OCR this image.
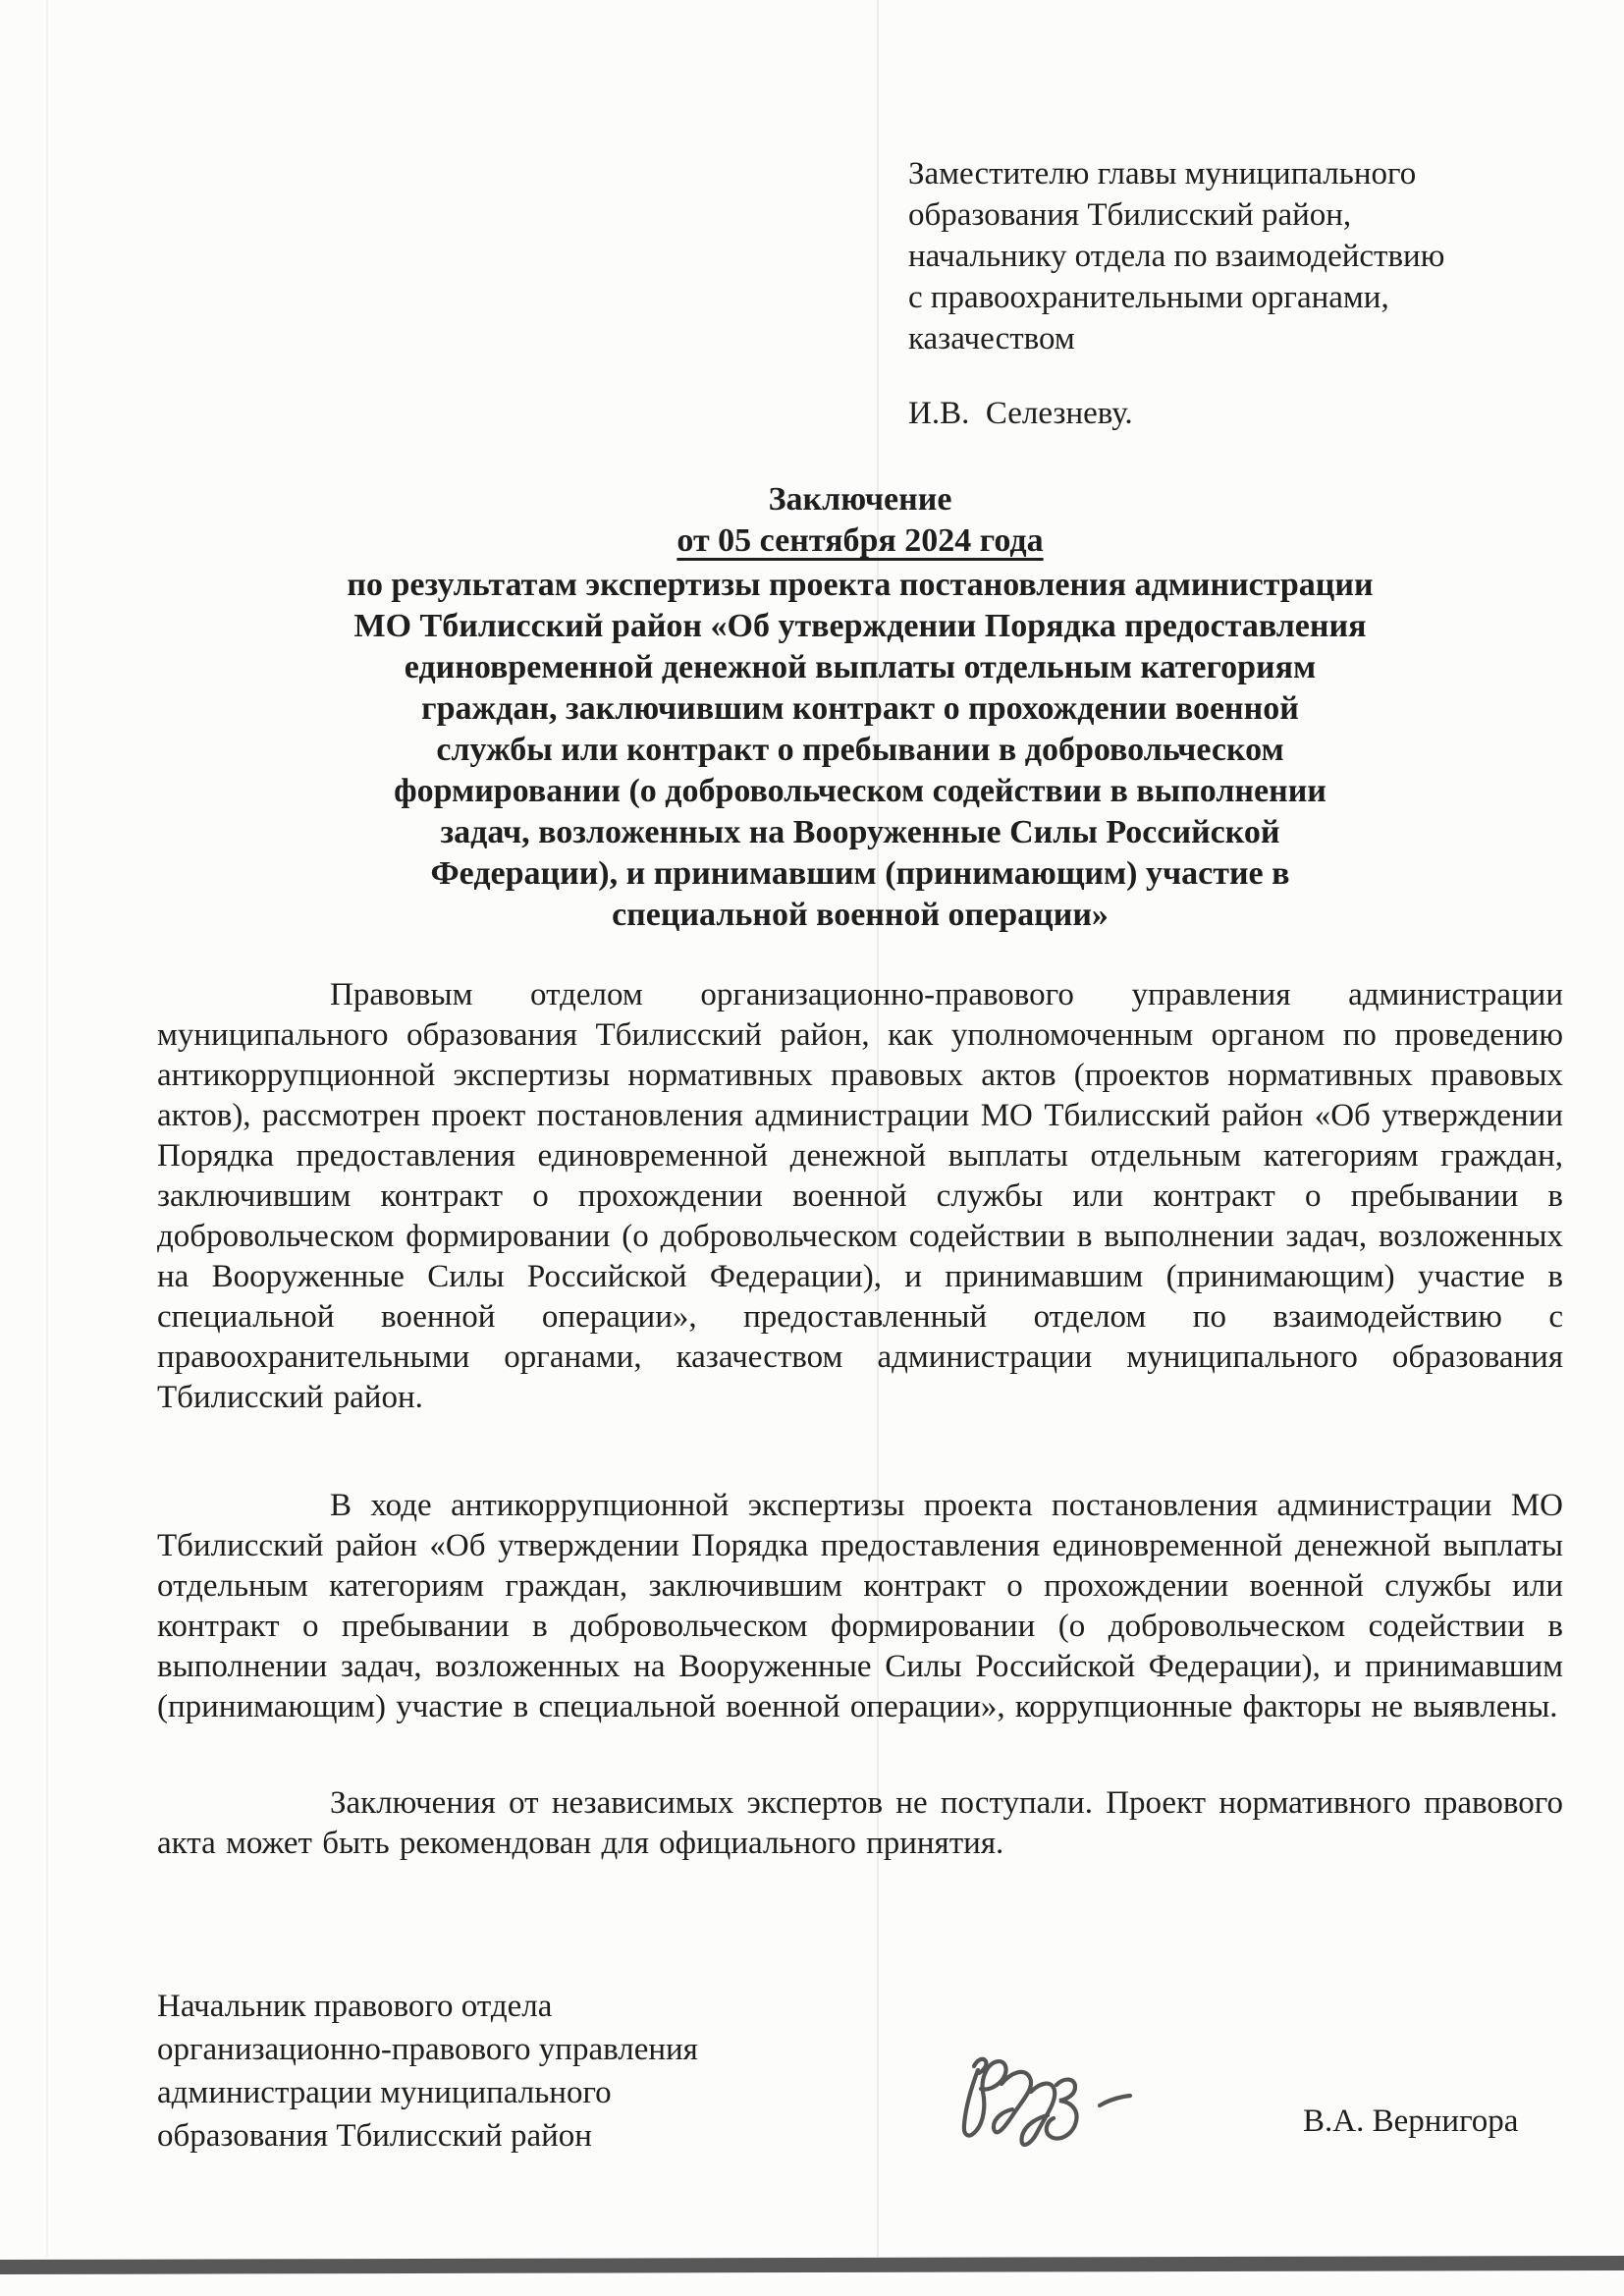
Заместителю главы муниципального
образования Тбилисский район,
начальнику отдела по взаимодействию
с правоохранительными органами,
казачеством
И.В.  Селезневу.
Заключение
от 05 сентября 2024 года
по результатам экспертизы проекта постановления администрации
МО Тбилисский район «Об утверждении Порядка предоставления
единовременной денежной выплаты отдельным категориям
граждан, заключившим контракт о прохождении военной
службы или контракт о пребывании в добровольческом
формировании (о добровольческом содействии в выполнении
задач, возложенных на Вооруженные Силы Российской
Федерации), и принимавшим (принимающим) участие в
специальной военной операции»
Правовым отделом организационно-правового управления администрации муниципального образования Тбилисский район, как уполномоченным органом по проведению антикоррупционной экспертизы нормативных правовых актов (проектов нормативных правовых актов), рассмотрен проект постановления администрации МО Тбилисский район «Об утверждении Порядка предоставления единовременной денежной выплаты отдельным категориям граждан, заключившим контракт о прохождении военной службы или контракт о пребывании в добровольческом формировании (о добровольческом содействии в выполнении задач, возложенных на Вооруженные Силы Российской Федерации), и принимавшим (принимающим) участие в специальной военной операции», предоставленный отделом по взаимодействию с правоохранительными органами, казачеством администрации муниципального образования Тбилисский район.
В ходе антикоррупционной экспертизы проекта постановления администрации МО Тбилисский район «Об утверждении Порядка предоставления единовременной денежной выплаты отдельным категориям граждан, заключившим контракт о прохождении военной службы или контракт о пребывании в добровольческом формировании (о добровольческом содействии в выполнении задач, возложенных на Вооруженные Силы Российской Федерации), и принимавшим (принимающим) участие в специальной военной операции», коррупционные факторы не выявлены.
Заключения от независимых экспертов не поступали. Проект нормативного правового акта может быть рекомендован для официального принятия.
Начальник правового отдела
организационно-правового управления
администрации муниципального
образования Тбилисский район	В.А. Вернигора
